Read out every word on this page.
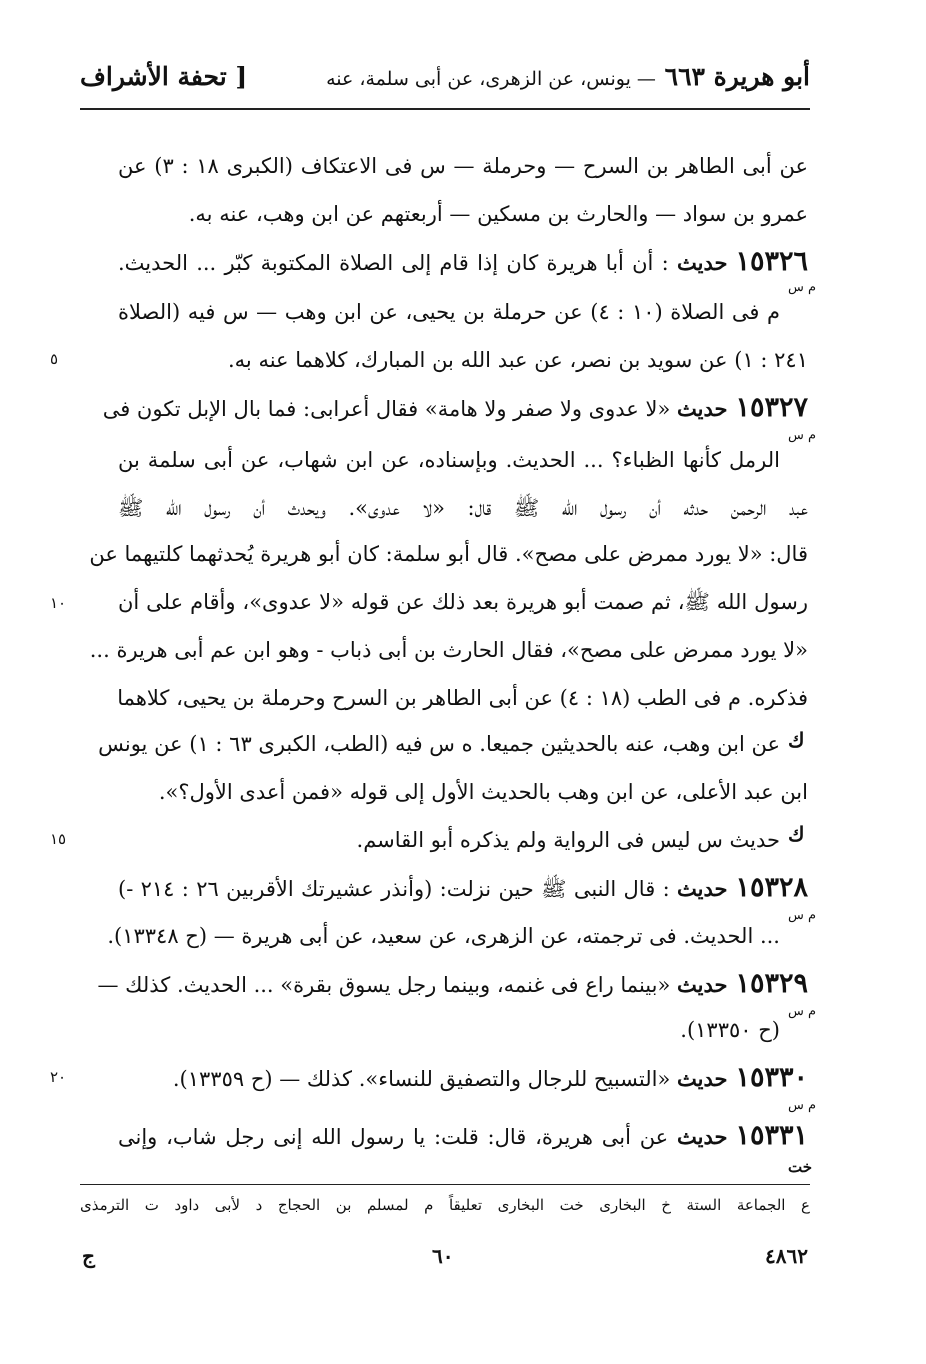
أبو هريرة ٦٦٣ — يونس، عن الزهرى، عن أبى سلمة، عنه
[ تحفة الأشراف
عن أبى الطاهر بن السرح — وحرملة — س فى الاعتكاف (الكبرى ١٨ : ٣) عن
عمرو بن سواد — والحارث بن مسكين — أربعتهم عن ابن وهب، عنه به.
١٥٣٢٦حديث : أن أبا هريرة كان إذا قام إلى الصلاة المكتوبة كبّر ... الحديث.
م س
م فى الصلاة (١٠ : ٤) عن حرملة بن يحيى، عن ابن وهب — س فيه (الصلاة
٢٤١ : ١) عن سويد بن نصر، عن عبد الله بن المبارك، كلاهما عنه به.
٥
١٥٣٢٧حديث «لا عدوى ولا صفر ولا هامة» فقال أعرابى: فما بال الإبل تكون فى
م س
الرمل كأنها الظباء؟ ... الحديث. وبإسناده، عن ابن شهاب، عن أبى سلمة بن
عبد الرحمن حدثه أن رسول الله ﷺ قال: «لا عدوى». ويحدث أن رسول الله ﷺ
قال: «لا يورد ممرض على مصح». قال أبو سلمة: كان أبو هريرة يُحدثهما كلتيهما عن
رسول الله ﷺ، ثم صمت أبو هريرة بعد ذلك عن قوله «لا عدوى»، وأقام على أن
١٠
«لا يورد ممرض على مصح»، فقال الحارث بن أبى ذباب - وهو ابن عم أبى هريرة ...
فذكره. م فى الطب (١٨ : ٤) عن أبى الطاهر بن السرح وحرملة بن يحيى، كلاهما
ك
عن ابن وهب، عنه بالحديثين جميعا. ه س فيه (الطب، الكبرى ٦٣ : ١) عن يونس
ابن عبد الأعلى، عن ابن وهب بالحديث الأول إلى قوله «فمن أعدى الأول؟».
ك
حديث س ليس فى الرواية ولم يذكره أبو القاسم.
١٥
١٥٣٢٨حديث : قال النبى ﷺ حين نزلت: (وأنذر عشيرتك الأقربين ٢٦ : ٢١٤ -)
م س
... الحديث. فى ترجمته، عن الزهرى، عن سعيد، عن أبى هريرة — (ح ١٣٣٤٨).
١٥٣٢٩حديث «بينما راع فى غنمه، وبينما رجل يسوق بقرة» ... الحديث. كذلك —
م س
(ح ١٣٣٥٠).
١٥٣٣٠حديث «التسبيح للرجال والتصفيق للنساء». كذلك — (ح ١٣٣٥٩).
٢٠
م س
١٥٣٣١حديث عن أبى هريرة، قال: قلت: يا رسول الله إنى رجل شاب، وإنى
خت
ع الجماعة الستة خ البخارى خت البخارى تعليقاً م لمسلم بن الحجاج د لأبى داود ت الترمذى
٤٨٦٢
٦٠
ج
